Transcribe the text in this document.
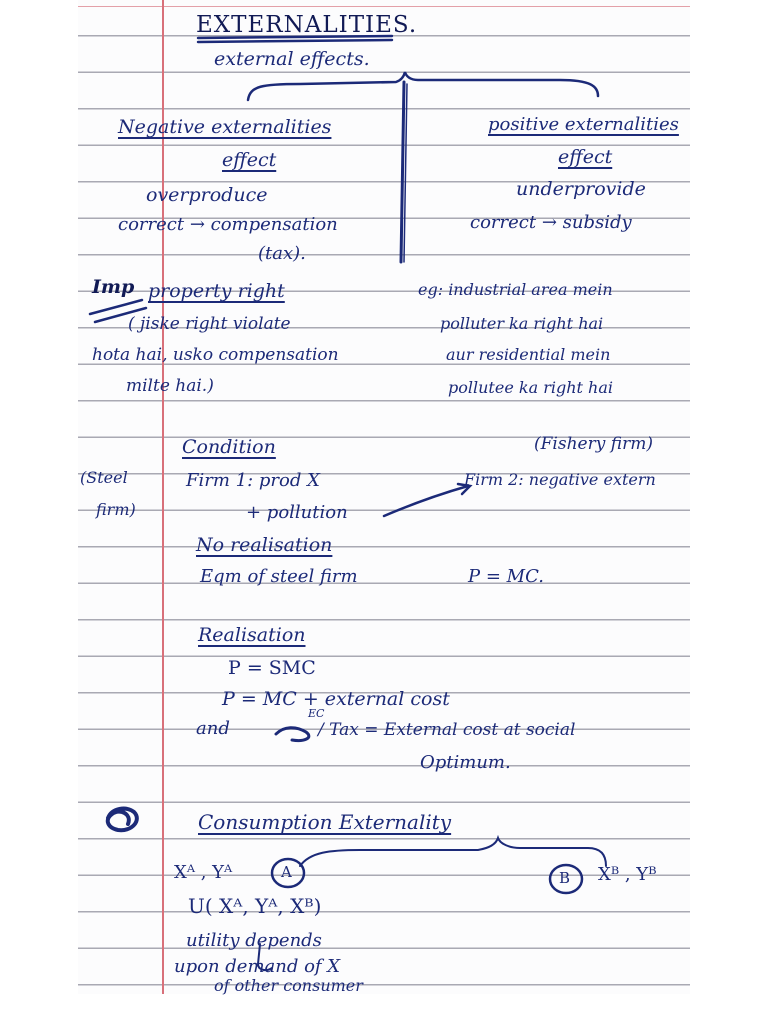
EXTERNALITIES.
external effects.
Negative externalities
effect
overproduce
correct → compensation
(tax).
positive externalities
effect
underprovide
correct → subsidy
Imp property right
( jiske right violate
hota hai, usko compensation
milte hai.)
eg: industrial area mein
polluter ka right hai
aur residential mein
pollutee ka right hai
Condition	(Fishery firm)
(Steel
firm)
Firm 1: prod X
+ pollution
Firm 2: negative extern
No realisation
Eqm of steel firm	P = MC.
Realisation
P = SMC
P = MC + external cost
and
EC
/ Tax = External cost at social
Optimum.
Consumption Externality
Xᴬ , Yᴬ	A	B Xᴮ , Yᴮ
U( Xᴬ, Yᴬ, Xᴮ)
utility depends
upon demand of X
of other consumer
